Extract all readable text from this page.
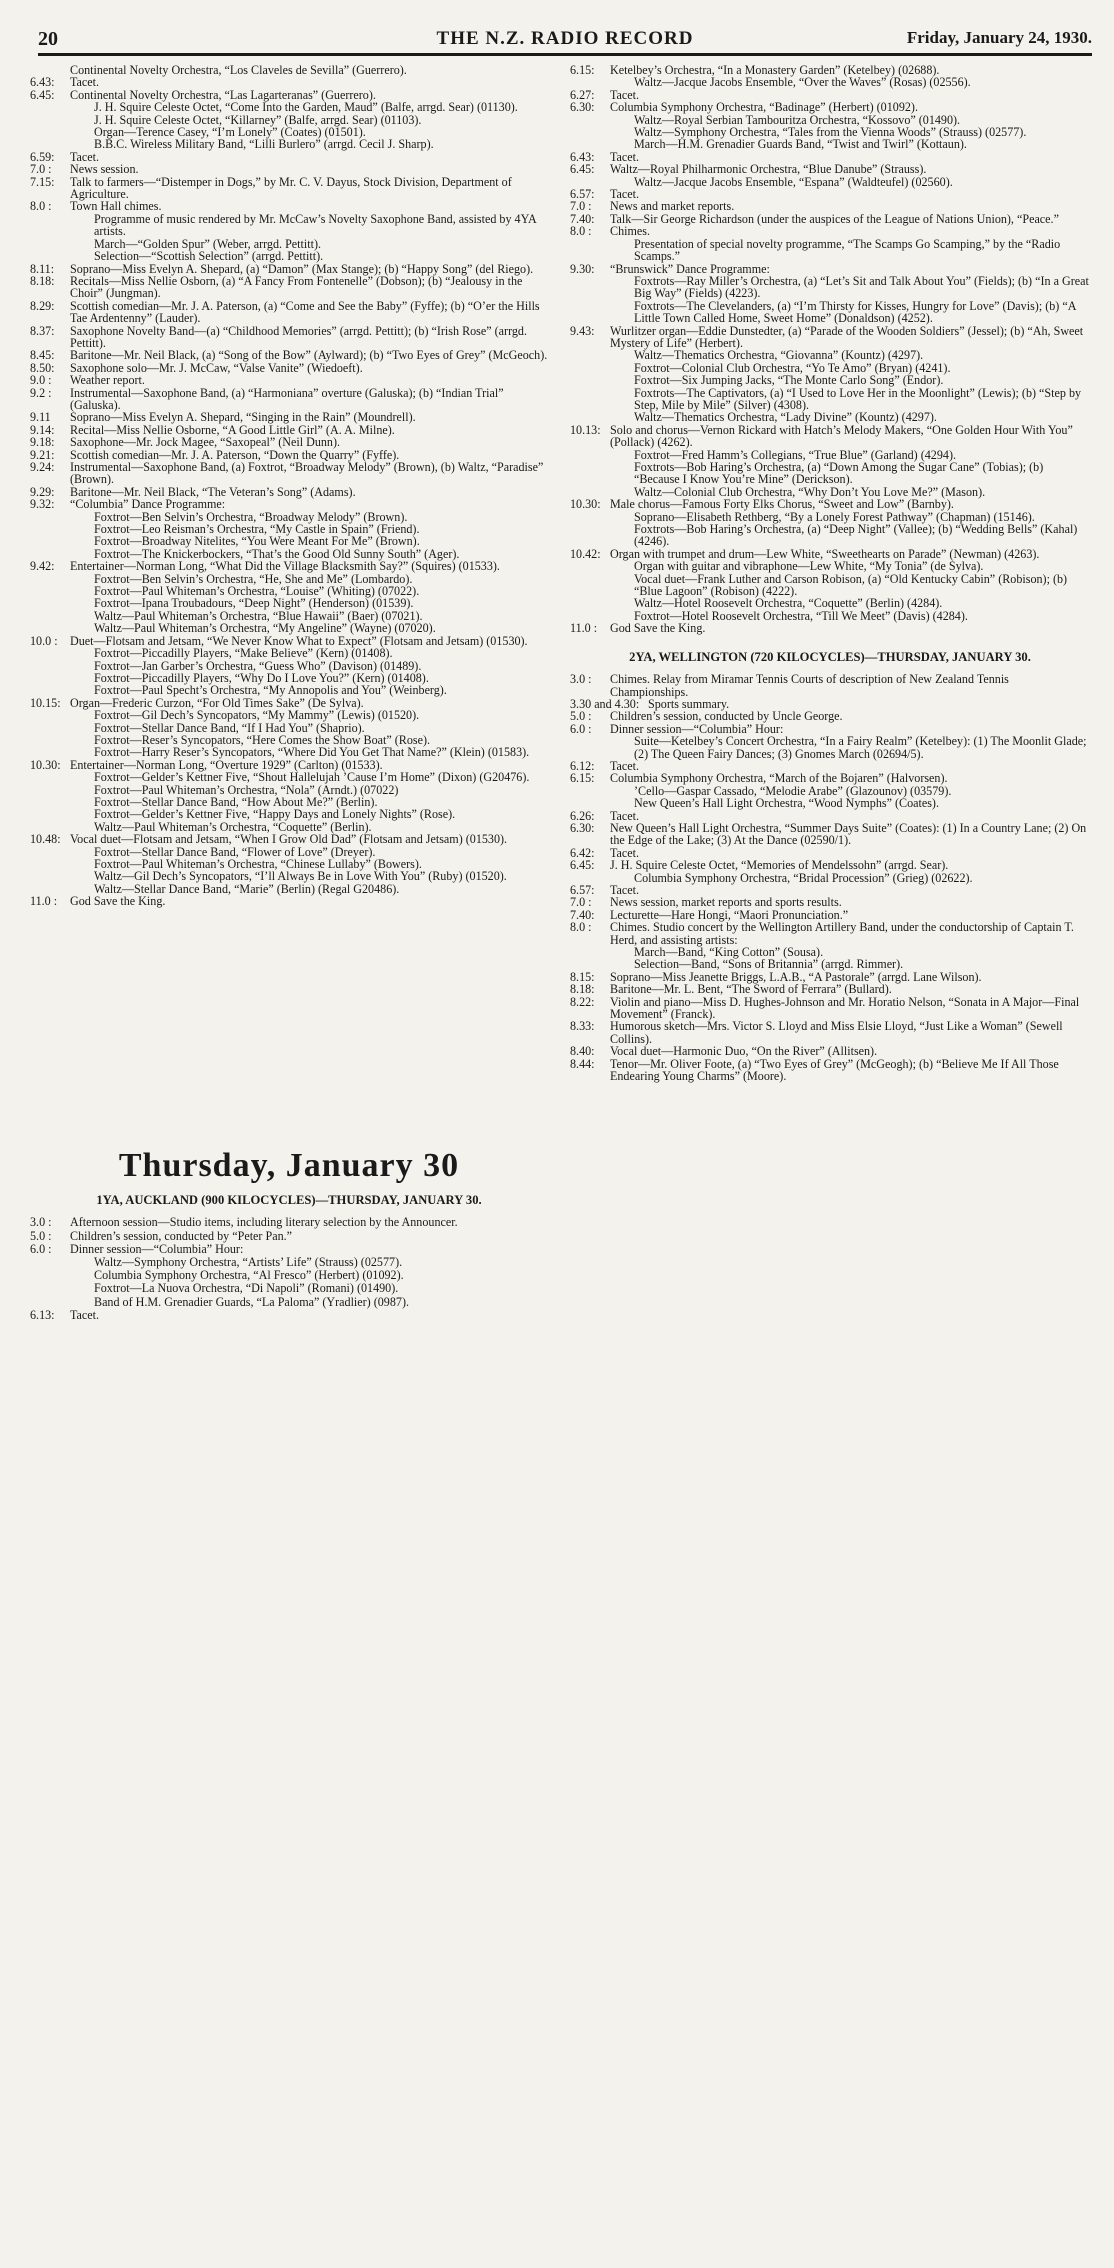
20	THE N.Z. RADIO RECORD	Friday, January 24, 1930.
Continental Novelty Orchestra, “Los Claveles de Sevilla” (Guerrero).
6.43:	Tacet.
6.45:	Continental Novelty Orchestra, “Las Lagarteranas” (Guerrero).
J. H. Squire Celeste Octet, “Come Into the Garden, Maud” (Balfe, arrgd. Sear) (01130).
J. H. Squire Celeste Octet, “Killarney” (Balfe, arrgd. Sear) (01103).
Organ—Terence Casey, “I’m Lonely” (Coates) (01501).
B.B.C. Wireless Military Band, “Lilli Burlero” (arrgd. Cecil J. Sharp).
6.59:	Tacet.
7.0 :	News session.
7.15:	Talk to farmers—“Distemper in Dogs,” by Mr. C. V. Dayus, Stock Division, Department of Agriculture.
8.0 :	Town Hall chimes.
Programme of music rendered by Mr. McCaw’s Novelty Saxophone Band, assisted by 4YA artists.
March—“Golden Spur” (Weber, arrgd. Pettitt).
Selection—“Scottish Selection” (arrgd. Pettitt).
8.11:	Soprano—Miss Evelyn A. Shepard, (a) “Damon” (Max Stange); (b) “Happy Song” (del Riego).
8.18:	Recitals—Miss Nellie Osborn, (a) “A Fancy From Fontenelle” (Dobson); (b) “Jealousy in the Choir” (Jungman).
8.29:	Scottish comedian—Mr. J. A. Paterson, (a) “Come and See the Baby” (Fyffe); (b) “O’er the Hills Tae Ardentenny” (Lauder).
8.37:	Saxophone Novelty Band—(a) “Childhood Memories” (arrgd. Pettitt); (b) “Irish Rose” (arrgd. Pettitt).
8.45:	Baritone—Mr. Neil Black, (a) “Song of the Bow” (Aylward); (b) “Two Eyes of Grey” (McGeoch).
8.50:	Saxophone solo—Mr. J. McCaw, “Valse Vanite” (Wiedoeft).
9.0 :	Weather report.
9.2 :	Instrumental—Saxophone Band, (a) “Harmoniana” overture (Galuska); (b) “Indian Trial” (Galuska).
9.11	Soprano—Miss Evelyn A. Shepard, “Singing in the Rain” (Moundrell).
9.14:	Recital—Miss Nellie Osborne, “A Good Little Girl” (A. A. Milne).
9.18:	Saxophone—Mr. Jock Magee, “Saxopeal” (Neil Dunn).
9.21:	Scottish comedian—Mr. J. A. Paterson, “Down the Quarry” (Fyffe).
9.24:	Instrumental—Saxophone Band, (a) Foxtrot, “Broadway Melody” (Brown), (b) Waltz, “Paradise” (Brown).
9.29:	Baritone—Mr. Neil Black, “The Veteran’s Song” (Adams).
9.32:	“Columbia” Dance Programme:
Foxtrot—Ben Selvin’s Orchestra, “Broadway Melody” (Brown).
Foxtrot—Leo Reisman’s Orchestra, “My Castle in Spain” (Friend).
Foxtrot—Broadway Nitelites, “You Were Meant For Me” (Brown).
Foxtrot—The Knickerbockers, “That’s the Good Old Sunny South” (Ager).
9.42:	Entertainer—Norman Long, “What Did the Village Blacksmith Say?” (Squires) (01533).
Foxtrot—Ben Selvin’s Orchestra, “He, She and Me” (Lombardo).
Foxtrot—Paul Whiteman’s Orchestra, “Louise” (Whiting) (07022).
Foxtrot—Ipana Troubadours, “Deep Night” (Henderson) (01539).
Waltz—Paul Whiteman’s Orchestra, “Blue Hawaii” (Baer) (07021).
Waltz—Paul Whiteman’s Orchestra, “My Angeline” (Wayne) (07020).
10.0 :	Duet—Flotsam and Jetsam, “We Never Know What to Expect” (Flotsam and Jetsam) (01530).
Foxtrot—Piccadilly Players, “Make Believe” (Kern) (01408).
Foxtrot—Jan Garber’s Orchestra, “Guess Who” (Davison) (01489).
Foxtrot—Piccadilly Players, “Why Do I Love You?” (Kern) (01408).
Foxtrot—Paul Specht’s Orchestra, “My Annopolis and You” (Weinberg).
10.15: Organ—Frederic Curzon, “For Old Times Sake” (De Sylva).
Foxtrot—Gil Dech’s Syncopators, “My Mammy” (Lewis) (01520).
Foxtrot—Stellar Dance Band, “If I Had You” (Shaprio).
Foxtrot—Reser’s Syncopators, “Here Comes the Show Boat” (Rose).
Foxtrot—Harry Reser’s Syncopators, “Where Did You Get That Name?” (Klein) (01583).
10.30: Entertainer—Norman Long, “Overture 1929” (Carlton) (01533).
Foxtrot—Gelder’s Kettner Five, “Shout Hallelujah ’Cause I’m Home” (Dixon) (G20476).
Foxtrot—Paul Whiteman’s Orchestra, “Nola” (Arndt.) (07022)
Foxtrot—Stellar Dance Band, “How About Me?” (Berlin).
Foxtrot—Gelder’s Kettner Five, “Happy Days and Lonely Nights” (Rose).
Waltz—Paul Whiteman’s Orchestra, “Coquette” (Berlin).
10.48: Vocal duet—Flotsam and Jetsam, “When I Grow Old Dad” (Flotsam and Jetsam) (01530).
Foxtrot—Stellar Dance Band, “Flower of Love” (Dreyer).
Foxtrot—Paul Whiteman’s Orchestra, “Chinese Lullaby” (Bowers).
Waltz—Gil Dech’s Syncopators, “I’ll Always Be in Love With You” (Ruby) (01520).
Waltz—Stellar Dance Band, “Marie” (Berlin) (Regal G20486).
11.0 :	God Save the King.
Thursday, January 30
1YA, AUCKLAND (900 KILOCYCLES)—THURSDAY, JANUARY 30.
3.0 :	Afternoon session—Studio items, including literary selection by the Announcer.
5.0 :	Children’s session, conducted by “Peter Pan.”
6.0 :	Dinner session—“Columbia” Hour:
Waltz—Symphony Orchestra, “Artists’ Life” (Strauss) (02577).
Columbia Symphony Orchestra, “Al Fresco” (Herbert) (01092).
Foxtrot—La Nuova Orchestra, “Di Napoli” (Romani) (01490).
Band of H.M. Grenadier Guards, “La Paloma” (Yradlier) (0987).
6.13:	Tacet.
6.15:	Ketelbey’s Orchestra, “In a Monastery Garden” (Ketelbey) (02688).
Waltz—Jacque Jacobs Ensemble, “Over the Waves” (Rosas) (02556).
6.27:	Tacet.
6.30:	Columbia Symphony Orchestra, “Badinage” (Herbert) (01092).
Waltz—Royal Serbian Tambouritza Orchestra, “Kossovo” (01490).
Waltz—Symphony Orchestra, “Tales from the Vienna Woods” (Strauss) (02577).
March—H.M. Grenadier Guards Band, “Twist and Twirl” (Kottaun).
6.43:	Tacet.
6.45:	Waltz—Royal Philharmonic Orchestra, “Blue Danube” (Strauss).
Waltz—Jacque Jacobs Ensemble, “Espana” (Waldteufel) (02560).
6.57:	Tacet.
7.0 :	News and market reports.
7.40:	Talk—Sir George Richardson (under the auspices of the League of Nations Union), “Peace.”
8.0 :	Chimes.
Presentation of special novelty programme, “The Scamps Go Scamping,” by the “Radio Scamps.”
9.30:	“Brunswick” Dance Programme:
Foxtrots—Ray Miller’s Orchestra, (a) “Let’s Sit and Talk About You” (Fields); (b) “In a Great Big Way” (Fields) (4223).
Foxtrots—The Clevelanders, (a) “I’m Thirsty for Kisses, Hungry for Love” (Davis); (b) “A Little Town Called Home, Sweet Home” (Donaldson) (4252).
9.43:	Wurlitzer organ—Eddie Dunstedter, (a) “Parade of the Wooden Soldiers” (Jessel); (b) “Ah, Sweet Mystery of Life” (Herbert).
Waltz—Thematics Orchestra, “Giovanna” (Kountz) (4297).
Foxtrot—Colonial Club Orchestra, “Yo Te Amo” (Bryan) (4241).
Foxtrot—Six Jumping Jacks, “The Monte Carlo Song” (Endor).
Foxtrots—The Captivators, (a) “I Used to Love Her in the Moonlight” (Lewis); (b) “Step by Step, Mile by Mile” (Silver) (4308).
Waltz—Thematics Orchestra, “Lady Divine” (Kountz) (4297).
10.13: Solo and chorus—Vernon Rickard with Hatch’s Melody Makers, “One Golden Hour With You” (Pollack) (4262).
Foxtrot—Fred Hamm’s Collegians, “True Blue” (Garland) (4294).
Foxtrots—Bob Haring’s Orchestra, (a) “Down Among the Sugar Cane” (Tobias); (b) “Because I Know You’re Mine” (Derickson).
Waltz—Colonial Club Orchestra, “Why Don’t You Love Me?” (Mason).
10.30: Male chorus—Famous Forty Elks Chorus, “Sweet and Low” (Barnby).
Soprano—Elisabeth Rethberg, “By a Lonely Forest Pathway” (Chapman) (15146).
Foxtrots—Bob Haring’s Orchestra, (a) “Deep Night” (Vallee); (b) “Wedding Bells” (Kahal) (4246).
10.42: Organ with trumpet and drum—Lew White, “Sweethearts on Parade” (Newman) (4263).
Organ with guitar and vibraphone—Lew White, “My Tonia” (de Sylva).
Vocal duet—Frank Luther and Carson Robison, (a) “Old Kentucky Cabin” (Robison); (b) “Blue Lagoon” (Robison) (4222).
Waltz—Hotel Roosevelt Orchestra, “Coquette” (Berlin) (4284).
Foxtrot—Hotel Roosevelt Orchestra, “Till We Meet” (Davis) (4284).
11.0 :	God Save the King.
2YA, WELLINGTON (720 KILOCYCLES)—THURSDAY, JANUARY 30.
3.0 :	Chimes. Relay from Miramar Tennis Courts of description of New Zealand Tennis Championships.
3.30 and 4.30: Sports summary.
5.0 :	Children’s session, conducted by Uncle George.
6.0 :	Dinner session—“Columbia” Hour:
Suite—Ketelbey’s Concert Orchestra, “In a Fairy Realm” (Ketelbey): (1) The Moonlit Glade; (2) The Queen Fairy Dances; (3) Gnomes March (02694/5).
6.12:	Tacet.
6.15:	Columbia Symphony Orchestra, “March of the Bojaren” (Halvorsen).
’Cello—Gaspar Cassado, “Melodie Arabe” (Glazounov) (03579).
New Queen’s Hall Light Orchestra, “Wood Nymphs” (Coates).
6.26:	Tacet.
6.30:	New Queen’s Hall Light Orchestra, “Summer Days Suite” (Coates): (1) In a Country Lane; (2) On the Edge of the Lake; (3) At the Dance (02590/1).
6.42:	Tacet.
6.45:	J. H. Squire Celeste Octet, “Memories of Mendelssohn” (arrgd. Sear).
Columbia Symphony Orchestra, “Bridal Procession” (Grieg) (02622).
6.57:	Tacet.
7.0 :	News session, market reports and sports results.
7.40:	Lecturette—Hare Hongi, “Maori Pronunciation.”
8.0 :	Chimes. Studio concert by the Wellington Artillery Band, under the conductorship of Captain T. Herd, and assisting artists:
March—Band, “King Cotton” (Sousa).
Selection—Band, “Sons of Britannia” (arrgd. Rimmer).
8.15:	Soprano—Miss Jeanette Briggs, L.A.B., “A Pastorale” (arrgd. Lane Wilson).
8.18:	Baritone—Mr. L. Bent, “The Sword of Ferrara” (Bullard).
8.22:	Violin and piano—Miss D. Hughes-Johnson and Mr. Horatio Nelson, “Sonata in A Major—Final Movement” (Franck).
8.33:	Humorous sketch—Mrs. Victor S. Lloyd and Miss Elsie Lloyd, “Just Like a Woman” (Sewell Collins).
8.40:	Vocal duet—Harmonic Duo, “On the River” (Allitsen).
8.44:	Tenor—Mr. Oliver Foote, (a) “Two Eyes of Grey” (McGeogh); (b) “Believe Me If All Those Endearing Young Charms” (Moore).
